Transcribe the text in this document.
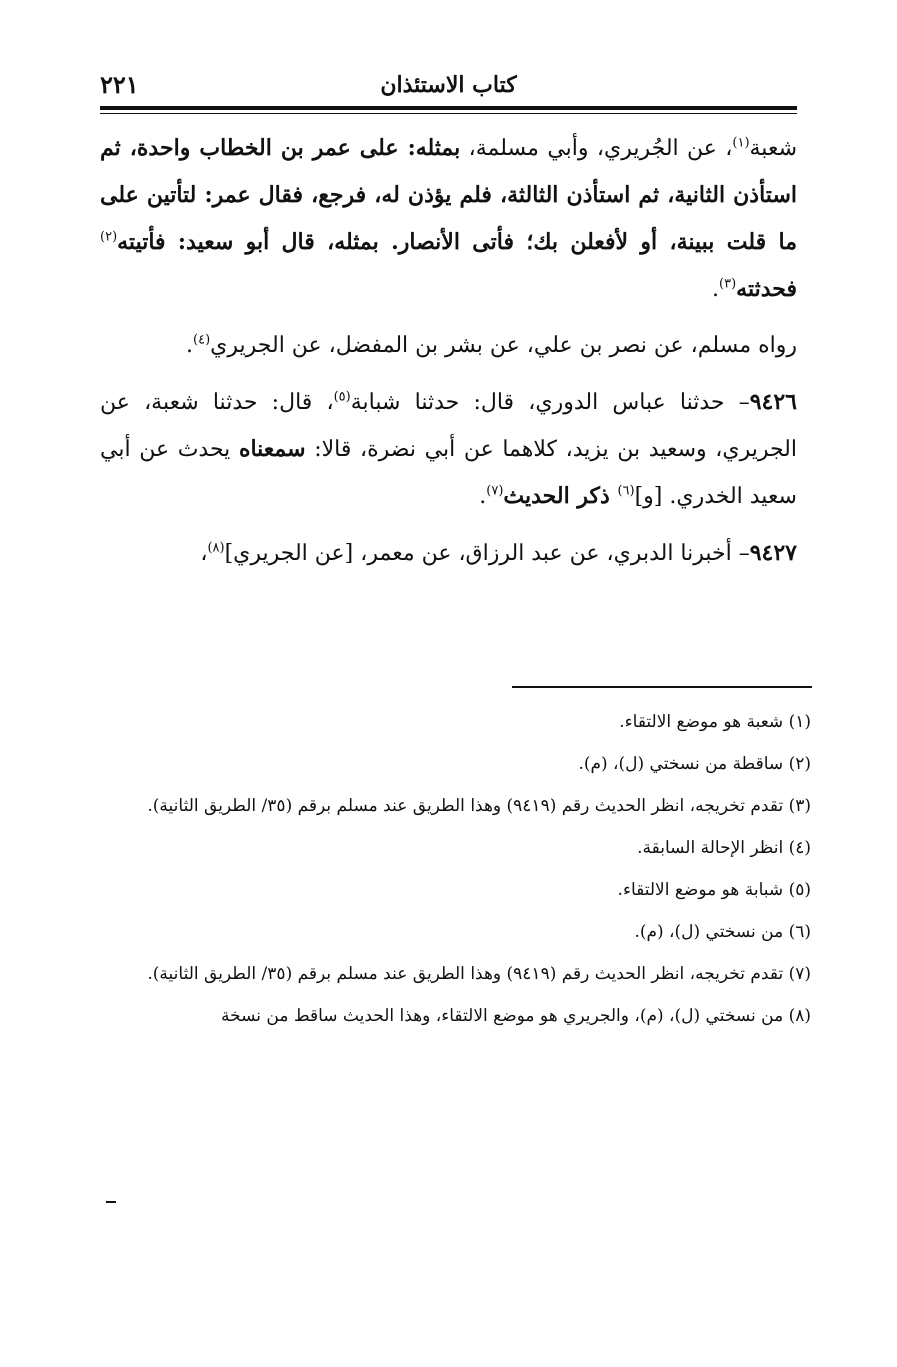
كتاب الاستئذان
٢٢١

شعبة$^{(١)}$، عن الجُريري، وأبي مسلمة، بمثله: على عمر بن الخطاب واحدة، ثم استأذن الثانية، ثم استأذن الثالثة، فلم يؤذن له، فرجع، فقال عمر: لتأتين على ما قلت ببينة، أو لأفعلن بك؛ فأتى الأنصار. بمثله، قال أبو سعيد: فأتيته$^{(٢)}$ فحدثته$^{(٣)}$.

رواه مسلم، عن نصر بن علي، عن بشر بن المفضل، عن الجريري$^{(٤)}$.

٩٤٢٦– حدثنا عباس الدوري، قال: حدثنا شبابة$^{(٥)}$، قال: حدثنا شعبة، عن الجريري، وسعيد بن يزيد، كلاهما عن أبي نضرة، قالا: سمعناه يحدث عن أبي سعيد الخدري. [و]$^{(٦)}$ ذكر الحديث$^{(٧)}$.

٩٤٢٧– أخبرنا الدبري، عن عبد الرزاق، عن معمر، [عن الجريري]$^{(٨)}$،

(١) شعبة هو موضع الالتقاء.
(٢) ساقطة من نسختي (ل)، (م).
(٣) تقدم تخريجه، انظر الحديث رقم (٩٤١٩) وهذا الطريق عند مسلم برقم (٣٥/ الطريق الثانية).
(٤) انظر الإحالة السابقة.
(٥) شبابة هو موضع الالتقاء.
(٦) من نسختي (ل)، (م).
(٧) تقدم تخريجه، انظر الحديث رقم (٩٤١٩) وهذا الطريق عند مسلم برقم (٣٥/ الطريق الثانية).
(٨) من نسختي (ل)، (م)، والجريري هو موضع الالتقاء، وهذا الحديث ساقط من نسخة
